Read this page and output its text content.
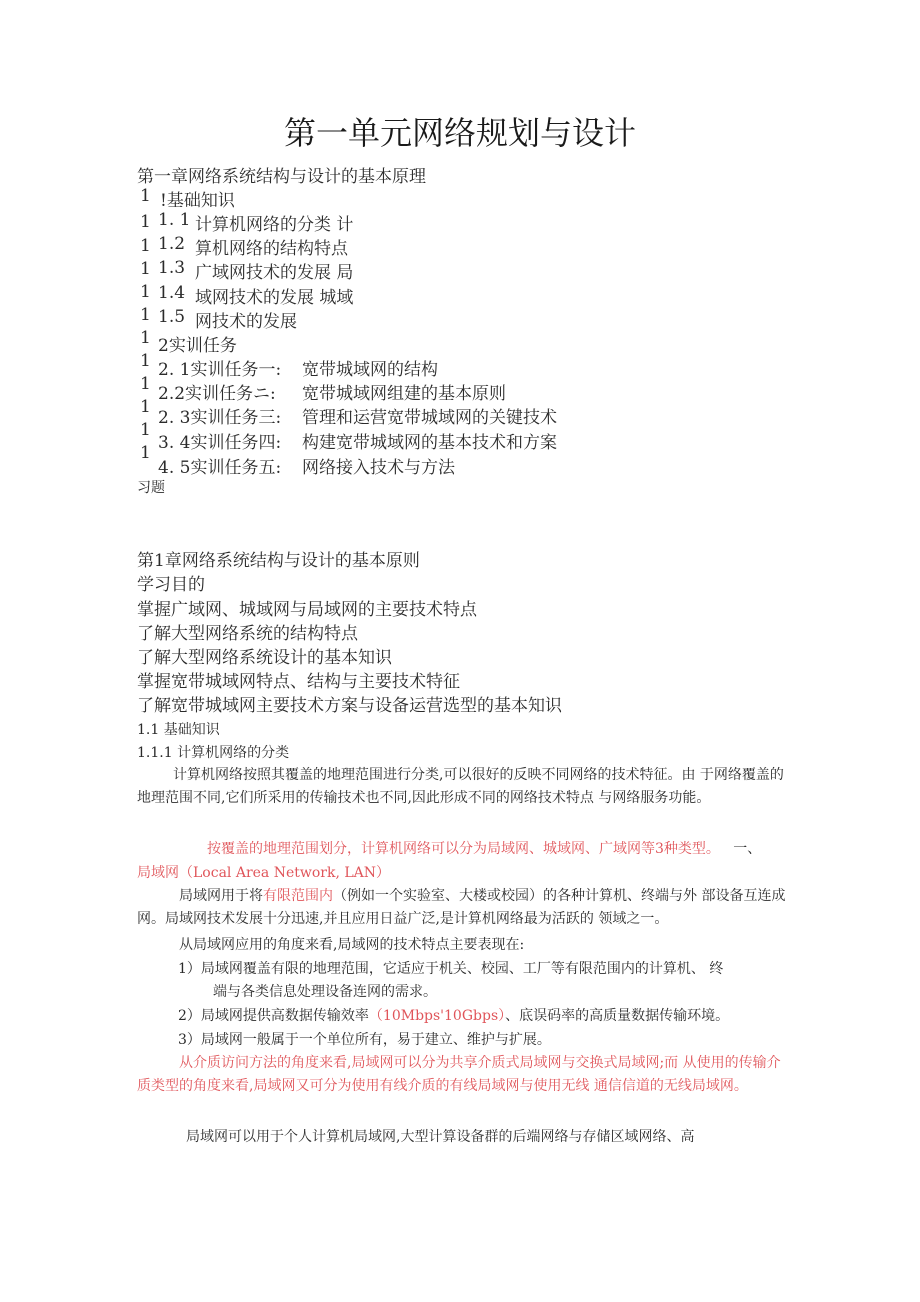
第一单元网络规划与设计
第一章网络系统结构与设计的基本原理
1 !基础知识
1
1
1
1
1
1
1
1
1
1
1
1. 1 计算机网络的分类 计
1.2 算机网络的结构特点
1.3 广域网技术的发展 局
1.4 域网技术的发展 城域
1.5 网技术的发展
2实训任务
2. 1实训任务一: 宽带城域网的结构
2.2实训任务ニ: 宽带城域网组建的基本原则
2. 3实训任务三: 管理和运营宽带城域网的关键技术
3. 4实训任务四: 构建宽带城域网的基本技术和方案
4. 5实训任务五: 网络接入技术与方法
习题
第1章网络系统结构与设计的基本原则
学习目的
掌握广域网、城域网与局域网的主要技术特点
了解大型网络系统的结构特点
了解大型网络系统设计的基本知识
掌握宽带城域网特点、结构与主要技术特征
了解宽带城域网主要技术方案与设备运营选型的基本知识
1.1 基础知识
1.1.1 计算机网络的分类
计算机网络按照其覆盖的地理范围进行分类,可以很好的反映不同网络的技术特征。由 于网络覆盖的地理范围不同,它们所采用的传输技术也不同,因此形成不同的网络技术特点 与网络服务功能。
按覆盖的地理范围划分，计算机网络可以分为局域网、城域网、广域网等3种类型。 一、
局域网（Local Area Network, LAN）
局域网用于将有限范围内（例如一个实验室、大楼或校园）的各种计算机、终端与外 部设备互连成网。局域网技术发展十分迅速,并且应用日益广泛,是计算机网络最为活跃的 领域之一。
从局域网应用的角度来看,局域网的技术特点主要表现在:
1）局域网覆盖有限的地理范围，它适应于机关、校园、工厂等有限范围内的计算机、 终
端与各类信息处理设备连网的需求。
2）局域网提供高数据传输效率（10Mbps'10Gbps）、底误码率的高质量数据传输环境。
3）局域网一般属于一个单位所有，易于建立、维护与扩展。
从介质访问方法的角度来看,局域网可以分为共享介质式局域网与交换式局域网;而 从使用的传输介质类型的角度来看,局域网又可分为使用有线介质的有线局域网与使用无线 通信信道的无线局域网。
局域网可以用于个人计算机局域网,大型计算设备群的后端网络与存储区域网络、高
